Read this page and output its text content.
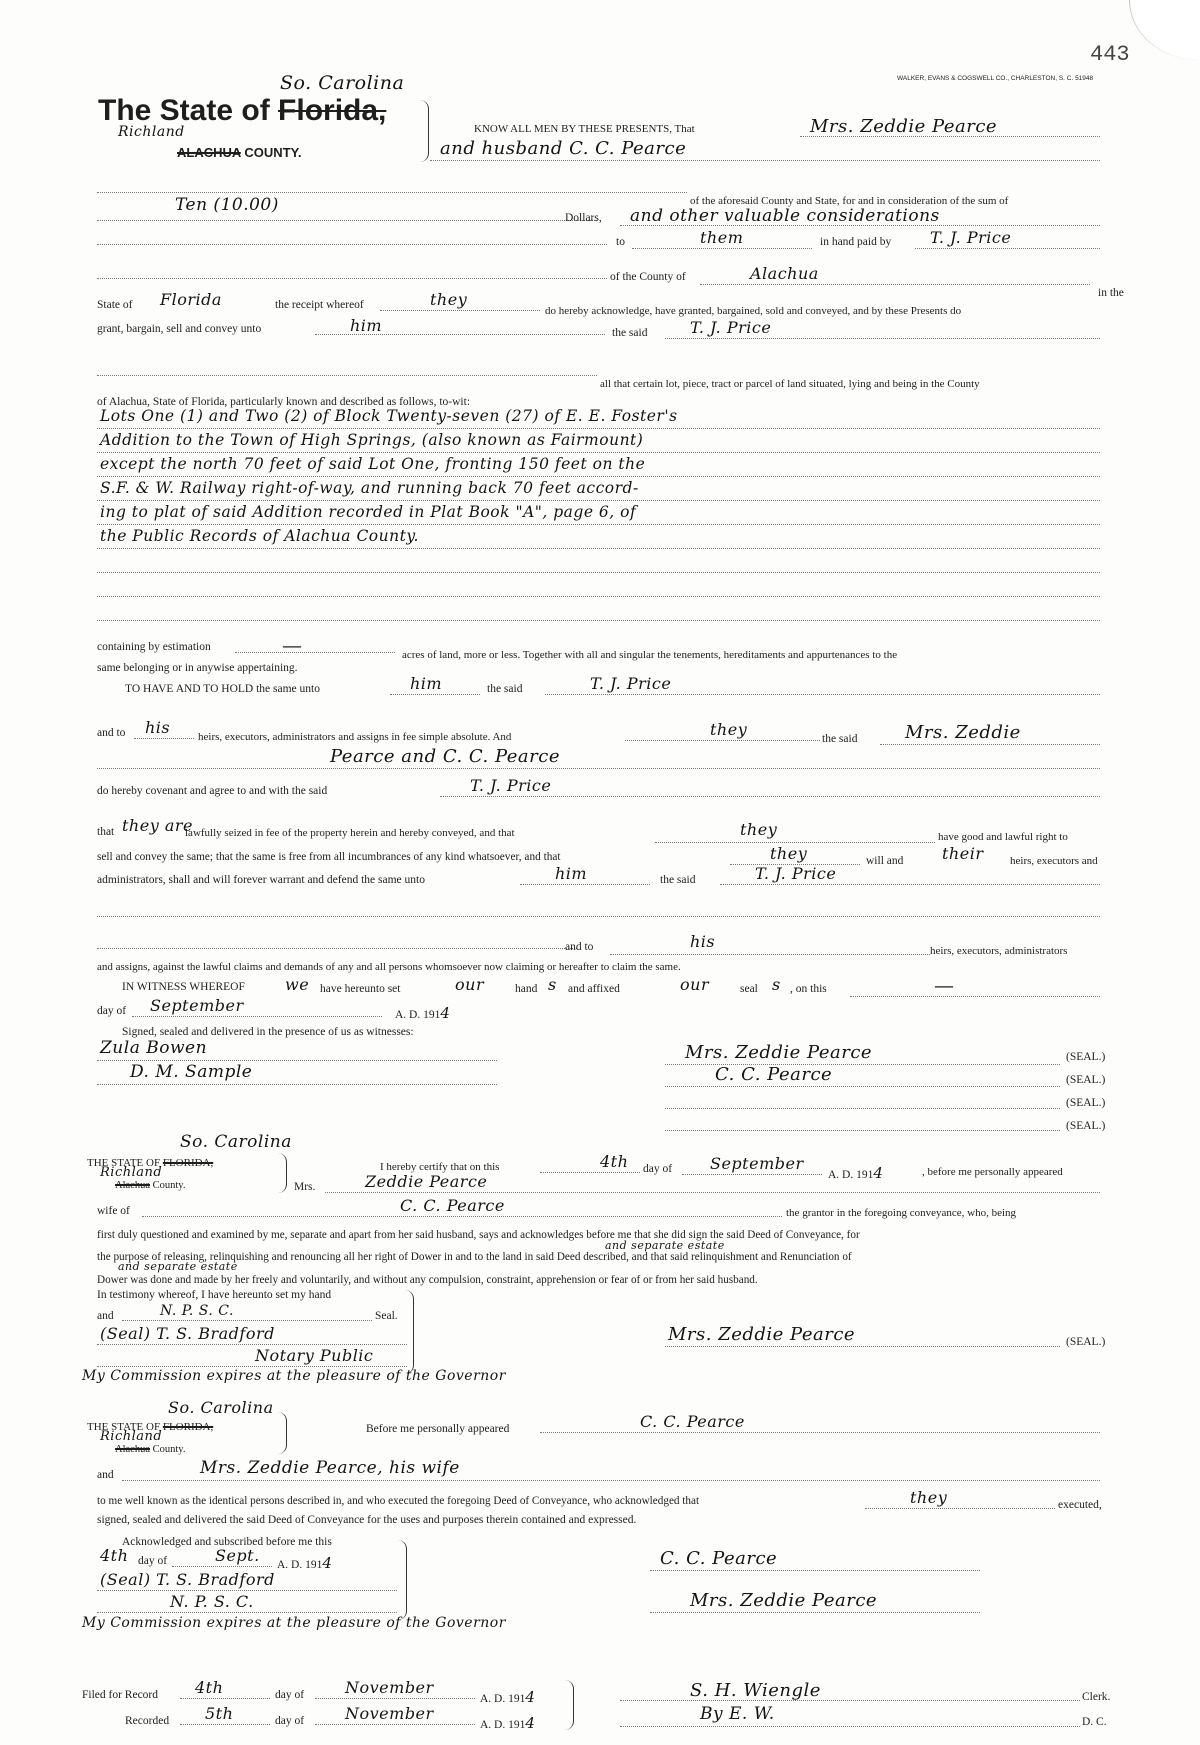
443
WALKER, EVANS & COGSWELL CO., CHARLESTON, S. C. 51948
So. Carolina
The State of Florida,
Richland
ALACHUA COUNTY.
KNOW ALL MEN BY THESE PRESENTS, That	Mrs. Zeddie Pearce
and husband C. C. Pearce
of the aforesaid County and State, for and in consideration of the sum of
Ten (10.00)
Dollars, and other valuable considerations
to	them	in hand paid by T. J. Price
of the County of	Alachua
in the
State of Florida	the receipt whereof	they
do hereby acknowledge, have granted, bargained, sold and conveyed, and by these Presents do
grant, bargain, sell and convey unto	him	the said	T. J. Price
all that certain lot, piece, tract or parcel of land situated, lying and being in the County
of Alachua, State of Florida, particularly known and described as follows, to-wit:
Lots One (1) and Two (2) of Block Twenty-seven (27) of E. E. Foster's
Addition to the Town of High Springs, (also known as Fairmount)
except the north 70 feet of said Lot One, fronting 150 feet on the
S.F. & W. Railway right-of-way, and running back 70 feet accord-
ing to plat of said Addition recorded in Plat Book "A", page 6, of
the Public Records of Alachua County.
containing by estimation	—	acres of land, more or less. Together with all and singular the tenements, hereditaments and appurtenances to the
same belonging or in anywise appertaining.
TO HAVE AND TO HOLD the same unto	him	the said	T. J. Price
and to his	heirs, executors, administrators and assigns in fee simple absolute. And	they	the said	Mrs. Zeddie
Pearce and C. C. Pearce
do hereby covenant and agree to and with the said	T. J. Price
that they are
lawfully seized in fee of the property herein and hereby conveyed, and that	they	have good and lawful right to
sell and convey the same; that the same is free from all incumbrances of any kind whatsoever, and that	they	will and their heirs, executors and
administrators, shall and will forever warrant and defend the same unto	him	the said	T. J. Price
and to	his	heirs, executors, administrators
and assigns, against the lawful claims and demands of any and all persons whomsoever now claiming or hereafter to claim the same.
IN WITNESS WHEREOF	we have hereunto set	our	hand s and affixed	our	seal s , on this	—
day of September	A. D. 1914
Signed, sealed and delivered in the presence of us as witnesses:
Zula Bowen
D. M. Sample
Mrs. Zeddie Pearce	(SEAL.)
C. C. Pearce	(SEAL.)
(SEAL.)
(SEAL.)
So. Carolina
THE STATE OF FLORIDA,
Richland
Alachua County.
I hereby certify that on this	4th day of September
A. D. 1914	, before me personally appeared
Mrs.	Zeddie Pearce
wife of	C. C. Pearce	the grantor in the foregoing conveyance, who, being
first duly questioned and examined by me, separate and apart from her said husband, says and acknowledges before me that she did sign the said Deed of Conveyance, for
and separate estate
the purpose of releasing, relinquishing and renouncing all her right of Dower in and to the land in said Deed described, and that said relinquishment and Renunciation of
and separate estate
Dower was done and made by her freely and voluntarily, and without any compulsion, constraint, apprehension or fear of or from her said husband.
In testimony whereof, I have hereunto set my hand
and	N. P. S. C.	Seal.
(Seal) T. S. Bradford
Notary Public
My Commission expires at the pleasure of the Governor
Mrs. Zeddie Pearce	(SEAL.)
So. Carolina
THE STATE OF FLORIDA,
Richland
Alachua County.
Before me personally appeared	C. C. Pearce
and	Mrs. Zeddie Pearce, his wife
to me well known as the identical persons described in, and who executed the foregoing Deed of Conveyance, who acknowledged that	they	executed,
signed, sealed and delivered the said Deed of Conveyance for the uses and purposes therein contained and expressed.
Acknowledged and subscribed before me this
4th day of	Sept. A. D. 1914
(Seal) T. S. Bradford
N. P. S. C.
My Commission expires at the pleasure of the Governor
C. C. Pearce
Mrs. Zeddie Pearce
Filed for Record 4th	day of	November
A. D. 1914
Recorded 5th	day of	November
A. D. 1914
S. H. Wiengle	Clerk.
By E. W.	D. C.
